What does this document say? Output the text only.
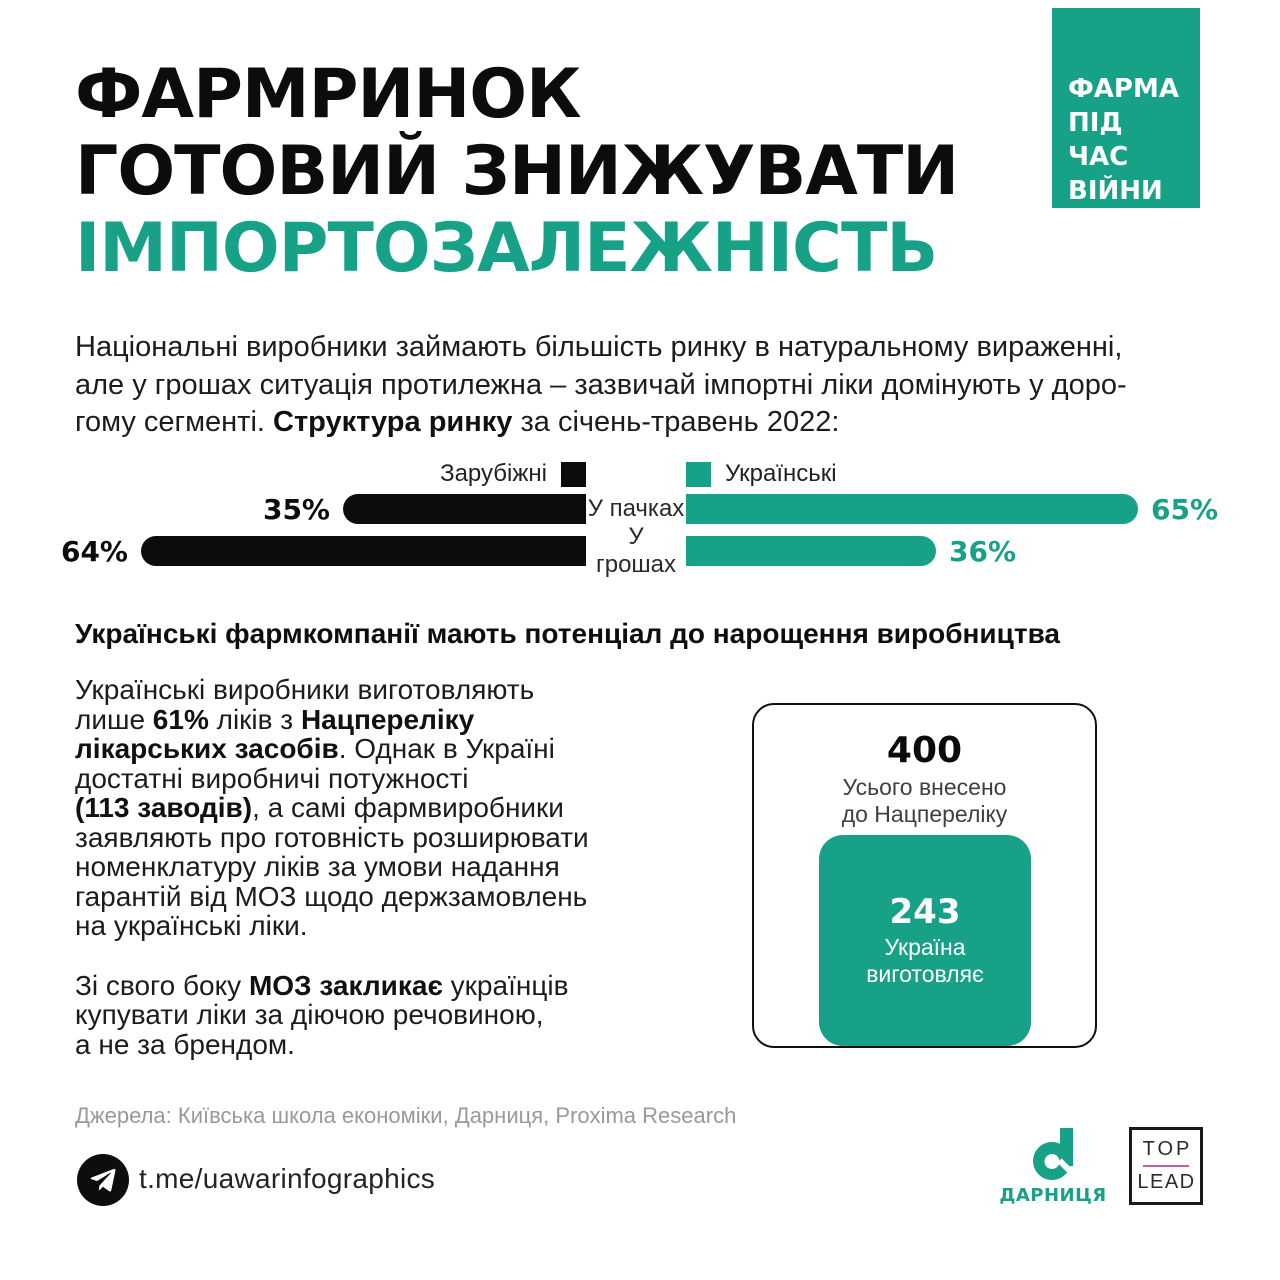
ФАРМРИНОК
ГОТОВИЙ ЗНИЖУВАТИ
ІМПОРТОЗАЛЕЖНІСТЬ
ФАРМА
ПІД ЧАС
ВІЙНИ

Національні виробники займають більшість ринку в натуральному вираженні,
але у грошах ситуація протилежна – зазвичай імпортні ліки домінують у доро-
гому сегменті. Структура ринку за січень-травень 2022:

Зарубіжні	Українські
35%	У пачках	65%
64%	У грошах	36%
Українські фармкомпанії мають потенціал до нарощення виробництва

Українські виробники виготовляють
лише 61% ліків з Нацпереліку
лікарських засобів. Однак в Україні
достатні виробничі потужності
(113 заводів), а самі фармвиробники
заявляють про готовність розширювати
номенклатуру ліків за умови надання
гарантій від МОЗ щодо держзамовлень
на українські ліки.

Зі свого боку МОЗ закликає українців
купувати ліки за діючою речовиною,
а не за брендом.

400
Усього внесено
до Нацпереліку
243
Україна
виготовляє
Джерела: Київська школа економіки, Дарниця, Proxima Research
t.me/uawarinfographics
ДАРНИЦЯ
TOP
LEAD
